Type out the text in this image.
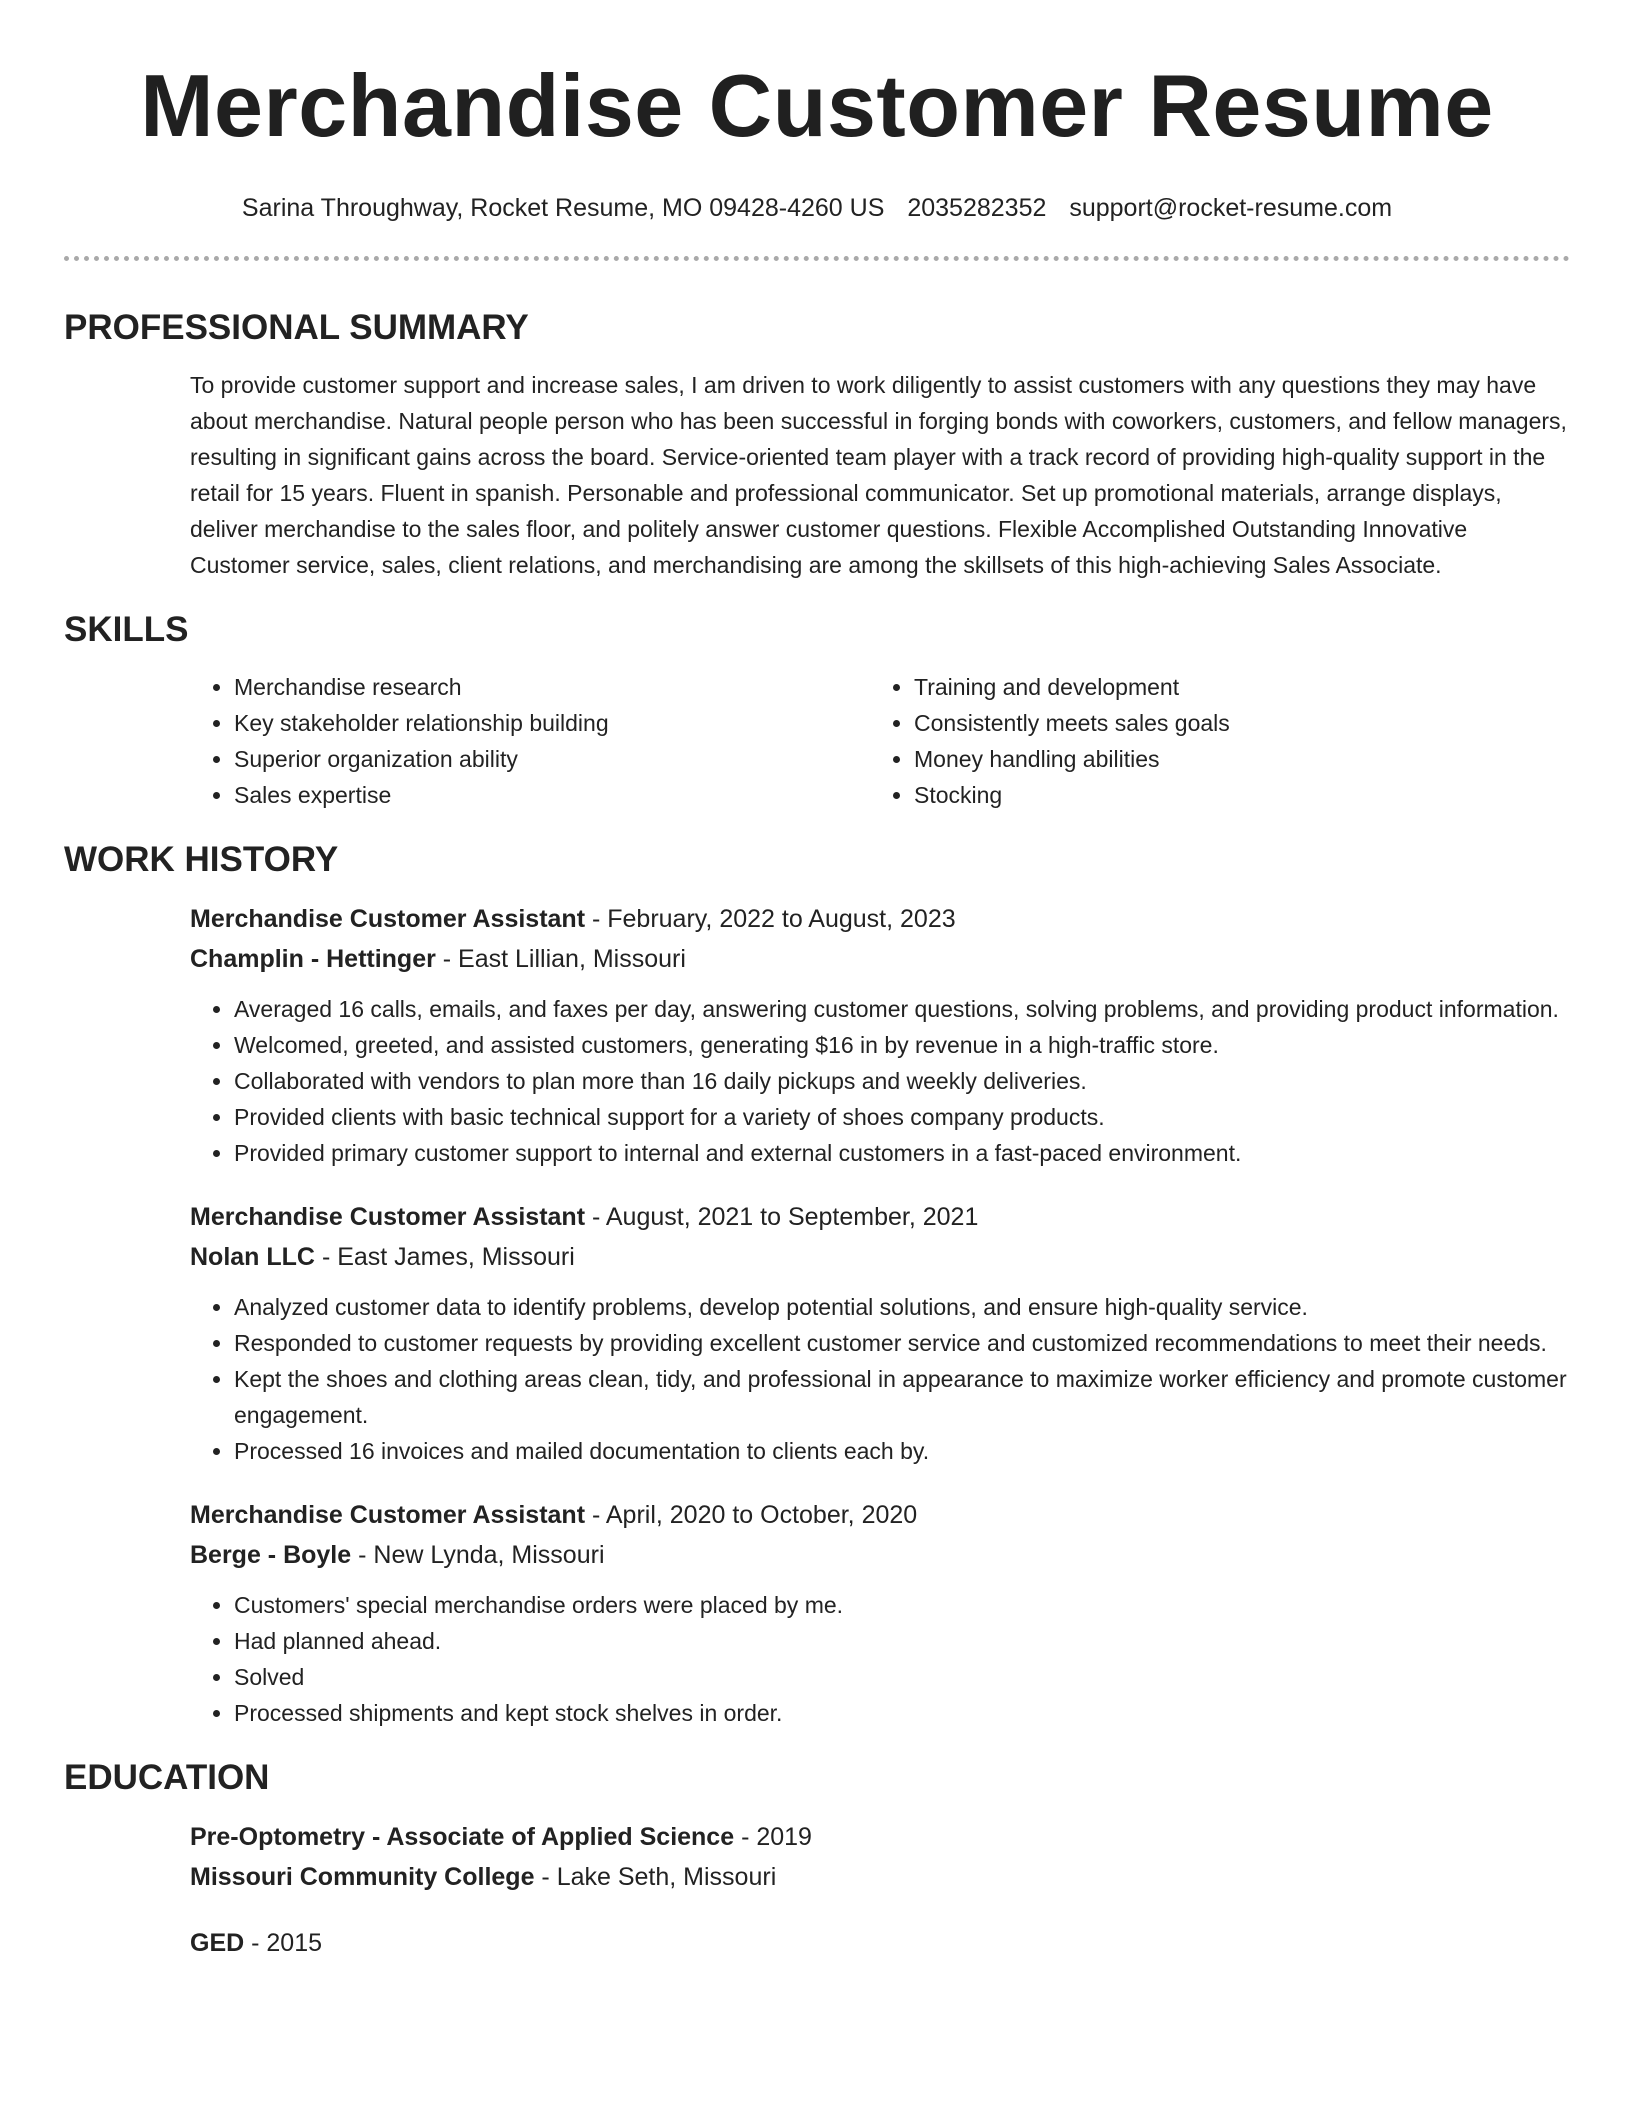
Merchandise Customer Resume
Sarina Throughway, Rocket Resume, MO 09428-4260 US 2035282352 support@rocket-resume.com
PROFESSIONAL SUMMARY

To provide customer support and increase sales, I am driven to work diligently to assist customers with any questions they may have about merchandise. Natural people person who has been successful in forging bonds with coworkers, customers, and fellow managers, resulting in significant gains across the board. Service-oriented team player with a track record of providing high-quality support in the retail for 15 years. Fluent in spanish. Personable and professional communicator. Set up promotional materials, arrange displays, deliver merchandise to the sales floor, and politely answer customer questions. Flexible Accomplished Outstanding Innovative Customer service, sales, client relations, and merchandising are among the skillsets of this high-achieving Sales Associate.

SKILLS
• Merchandise research
• Key stakeholder relationship building
• Superior organization ability
• Sales expertise
• Training and development
• Consistently meets sales goals
• Money handling abilities
• Stocking
WORK HISTORY
Merchandise Customer Assistant - February, 2022 to August, 2023
Champlin - Hettinger - East Lillian, Missouri
• Averaged 16 calls, emails, and faxes per day, answering customer questions, solving problems, and providing product information.
• Welcomed, greeted, and assisted customers, generating $16 in by revenue in a high-traffic store.
• Collaborated with vendors to plan more than 16 daily pickups and weekly deliveries.
• Provided clients with basic technical support for a variety of shoes company products.
• Provided primary customer support to internal and external customers in a fast-paced environment.
Merchandise Customer Assistant - August, 2021 to September, 2021
Nolan LLC - East James, Missouri
• Analyzed customer data to identify problems, develop potential solutions, and ensure high-quality service.
• Responded to customer requests by providing excellent customer service and customized recommendations to meet their needs.
• Kept the shoes and clothing areas clean, tidy, and professional in appearance to maximize worker efficiency and promote customer engagement.
• Processed 16 invoices and mailed documentation to clients each by.
Merchandise Customer Assistant - April, 2020 to October, 2020
Berge - Boyle - New Lynda, Missouri
• Customers' special merchandise orders were placed by me.
• Had planned ahead.
• Solved
• Processed shipments and kept stock shelves in order.
EDUCATION
Pre-Optometry - Associate of Applied Science - 2019
Missouri Community College - Lake Seth, Missouri
GED - 2015
